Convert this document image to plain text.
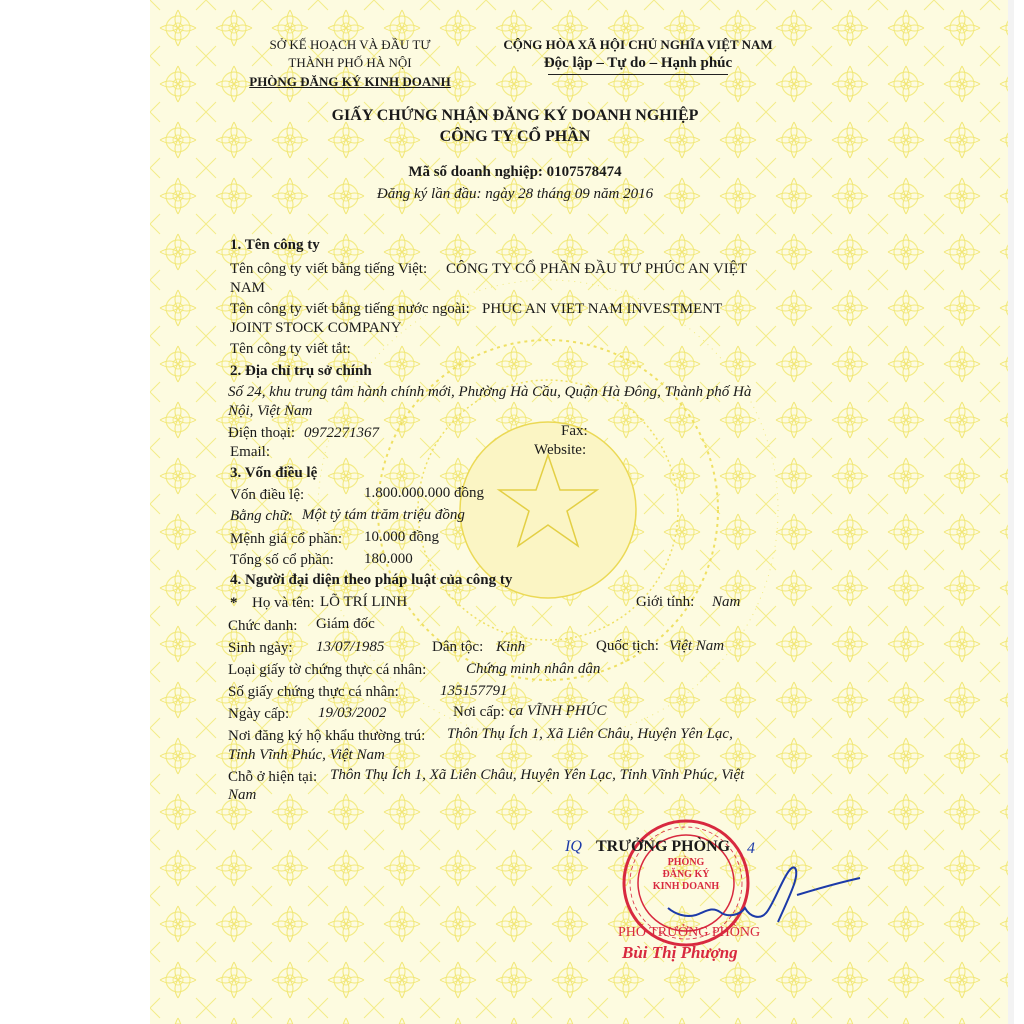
SỞ KẾ HOẠCH VÀ ĐẦU TƯ
THÀNH PHỐ HÀ NỘI
PHÒNG ĐĂNG KÝ KINH DOANH
CỘNG HÒA XÃ HỘI CHỦ NGHĨA VIỆT NAM
Độc lập – Tự do – Hạnh phúc
GIẤY CHỨNG NHẬN ĐĂNG KÝ DOANH NGHIỆP
CÔNG TY CỔ PHẦN
Mã số doanh nghiệp: 0107578474
Đăng ký lần đầu: ngày 28 tháng 09 năm 2016
1. Tên công ty
Tên công ty viết bằng tiếng Việt: CÔNG TY CỔ PHẦN ĐẦU TƯ PHÚC AN VIỆT
NAM
Tên công ty viết bằng tiếng nước ngoài: PHUC AN VIET NAM INVESTMENT
JOINT STOCK COMPANY
Tên công ty viết tắt:
2. Địa chỉ trụ sở chính
Số 24, khu trung tâm hành chính mới, Phường Hà Cầu, Quận Hà Đông, Thành phố Hà
Nội, Việt Nam
Điện thoại: 0972271367	Fax:
Email:	Website:
3. Vốn điều lệ
Vốn điều lệ:	1.800.000.000 đồng
Bằng chữ: Một tỷ tám trăm triệu đồng
Mệnh giá cổ phần: 10.000 đồng
Tổng số cổ phần: 180.000
4. Người đại diện theo pháp luật của công ty
* Họ và tên: LÕ TRÍ LINH	Giới tính: Nam
Chức danh: Giám đốc
Sinh ngày: 13/07/1985	Dân tộc: Kinh	Quốc tịch: Việt Nam
Loại giấy tờ chứng thực cá nhân:	Chứng minh nhân dân
Số giấy chứng thực cá nhân:	135157791
Ngày cấp: 19/03/2002	Nơi cấp: ca VĨNH PHÚC
Nơi đăng ký hộ khẩu thường trú: Thôn Thụ Ích 1, Xã Liên Châu, Huyện Yên Lạc,
Tỉnh Vĩnh Phúc, Việt Nam
Chỗ ở hiện tại: Thôn Thụ Ích 1, Xã Liên Châu, Huyện Yên Lạc, Tỉnh Vĩnh Phúc, Việt
Nam
PHÒNG
ĐĂNG KÝ
KINH DOANH
IQ TRƯỞNG PHÒNG 4
PHÓ TRƯỞNG PHÒNG
Bùi Thị Phượng
